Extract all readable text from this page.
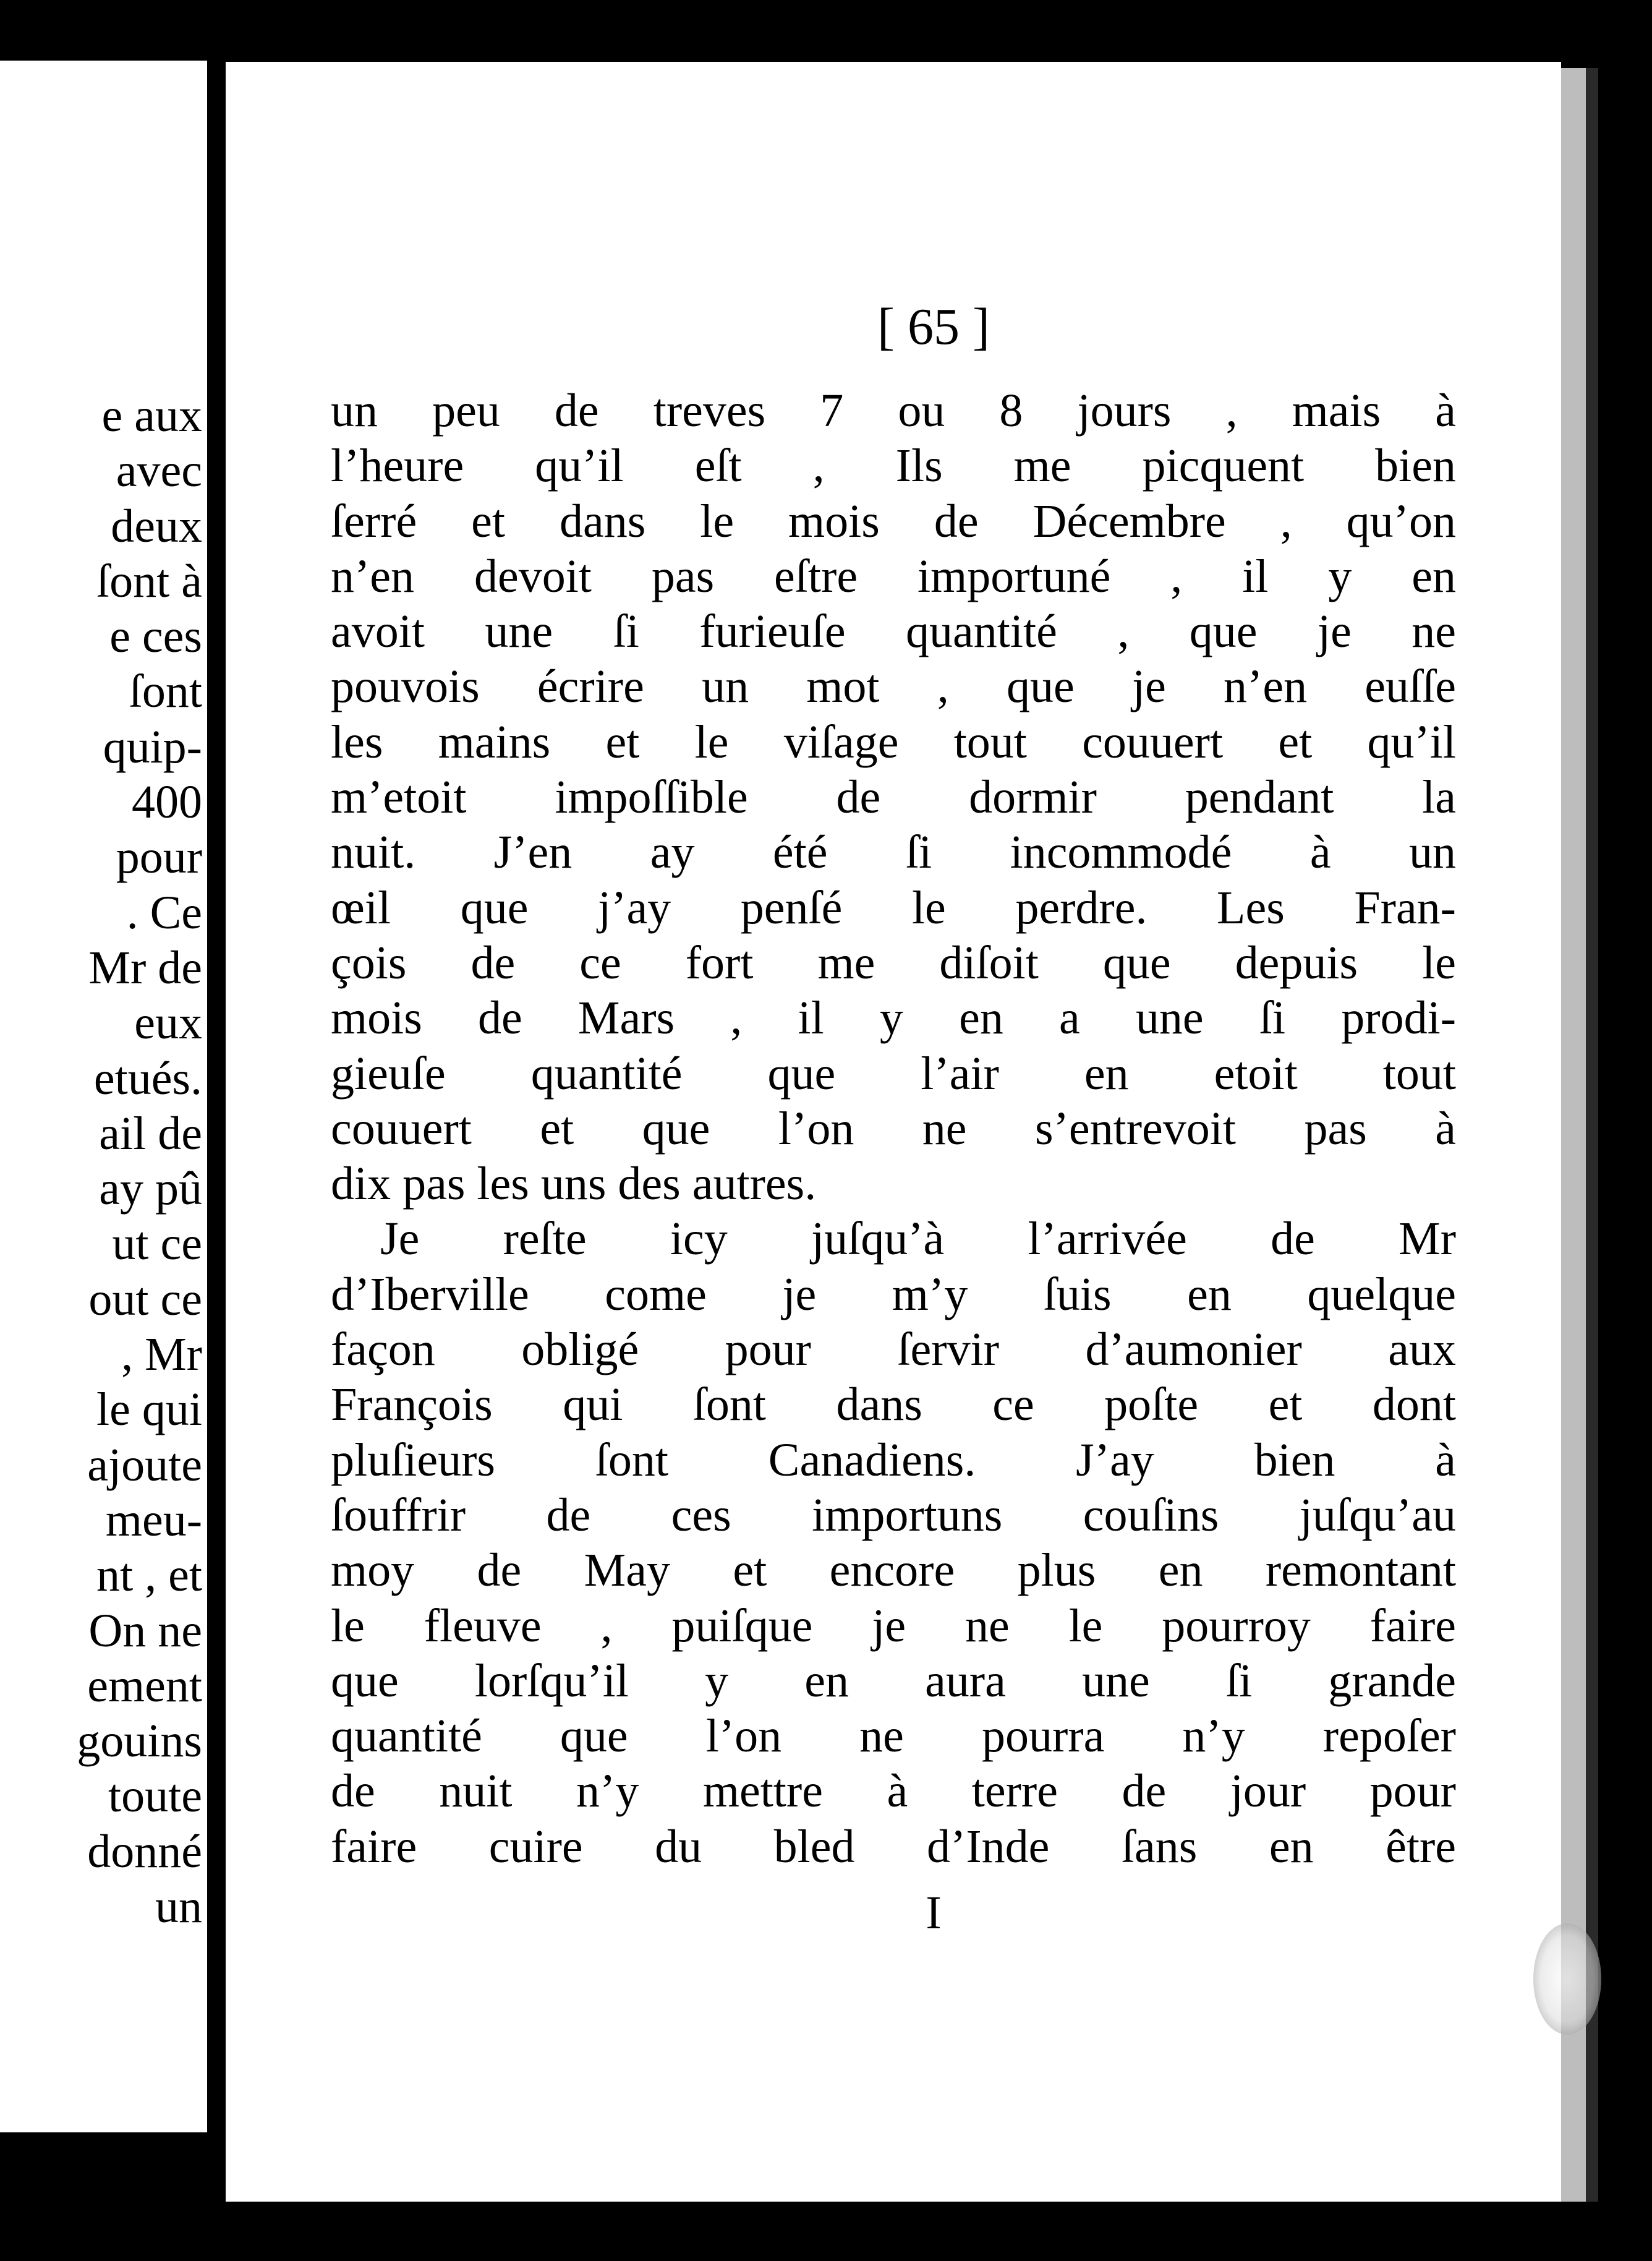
e aux
avec
deux
ſont à
e ces
ſont
quip-
400
pour
. Ce
Mr de
eux
etués.
ail de
ay pû
ut ce
out ce
, Mr
le qui
ajoute
meu-
nt , et
On ne
ement
gouins
toute
donné
un
[ 65 ]
un peu de treves 7 ou 8 jours , mais à
l’heure qu’il eſt , Ils me picquent bien
ſerré et dans le mois de Décembre , qu’on
n’en devoit pas eſtre importuné , il y en
avoit une ſi furieuſe quantité , que je ne
pouvois écrire un mot , que je n’en euſſe
les mains et le viſage tout couuert et qu’il
m’etoit impoſſible de dormir pendant la
nuit. J’en ay été ſi incommodé à un
œil que j’ay penſé le perdre. Les Fran-
çois de ce fort me diſoit que depuis le
mois de Mars , il y en a une ſi prodi-
gieuſe quantité que l’air en etoit tout
couuert et que l’on ne s’entrevoit pas à
dix pas les uns des autres.
Je reſte icy juſqu’à l’arrivée de Mr
d’Iberville come je m’y ſuis en quelque
façon obligé pour ſervir d’aumonier aux
François qui ſont dans ce poſte et dont
pluſieurs ſont Canadiens. J’ay bien à
ſouffrir de ces importuns couſins juſqu’au
moy de May et encore plus en remontant
le fleuve , puiſque je ne le pourroy faire
que lorſqu’il y en aura une ſi grande
quantité que l’on ne pourra n’y repoſer
de nuit n’y mettre à terre de jour pour
faire cuire du bled d’Inde ſans en être
I
